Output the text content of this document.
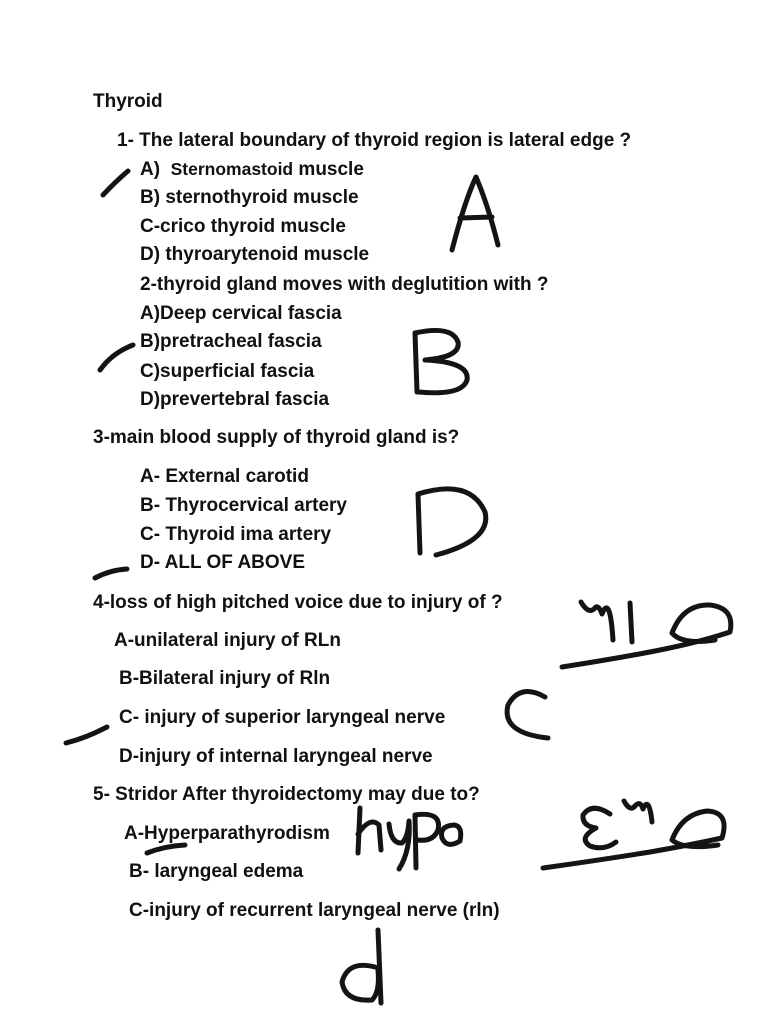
Thyroid
1- The lateral boundary of thyroid region is lateral edge ?
A)  Sternomastoid muscle
B) sternothyroid muscle
C-crico thyroid muscle
D) thyroarytenoid muscle
2-thyroid gland moves with deglutition with ?
A)Deep cervical fascia
B)pretracheal fascia
C)superficial fascia
D)prevertebral fascia
3-main blood supply of thyroid gland is?
A- External carotid
B- Thyrocervical artery
C- Thyroid ima artery
D- ALL OF ABOVE
4-loss of high pitched voice due to injury of ?
A-unilateral injury of RLn
B-Bilateral injury of Rln
C- injury of superior laryngeal nerve
D-injury of internal laryngeal nerve
5- Stridor After thyroidectomy may due to?
A-Hyperparathyrodism
B- laryngeal edema
C-injury of recurrent laryngeal nerve (rln)
